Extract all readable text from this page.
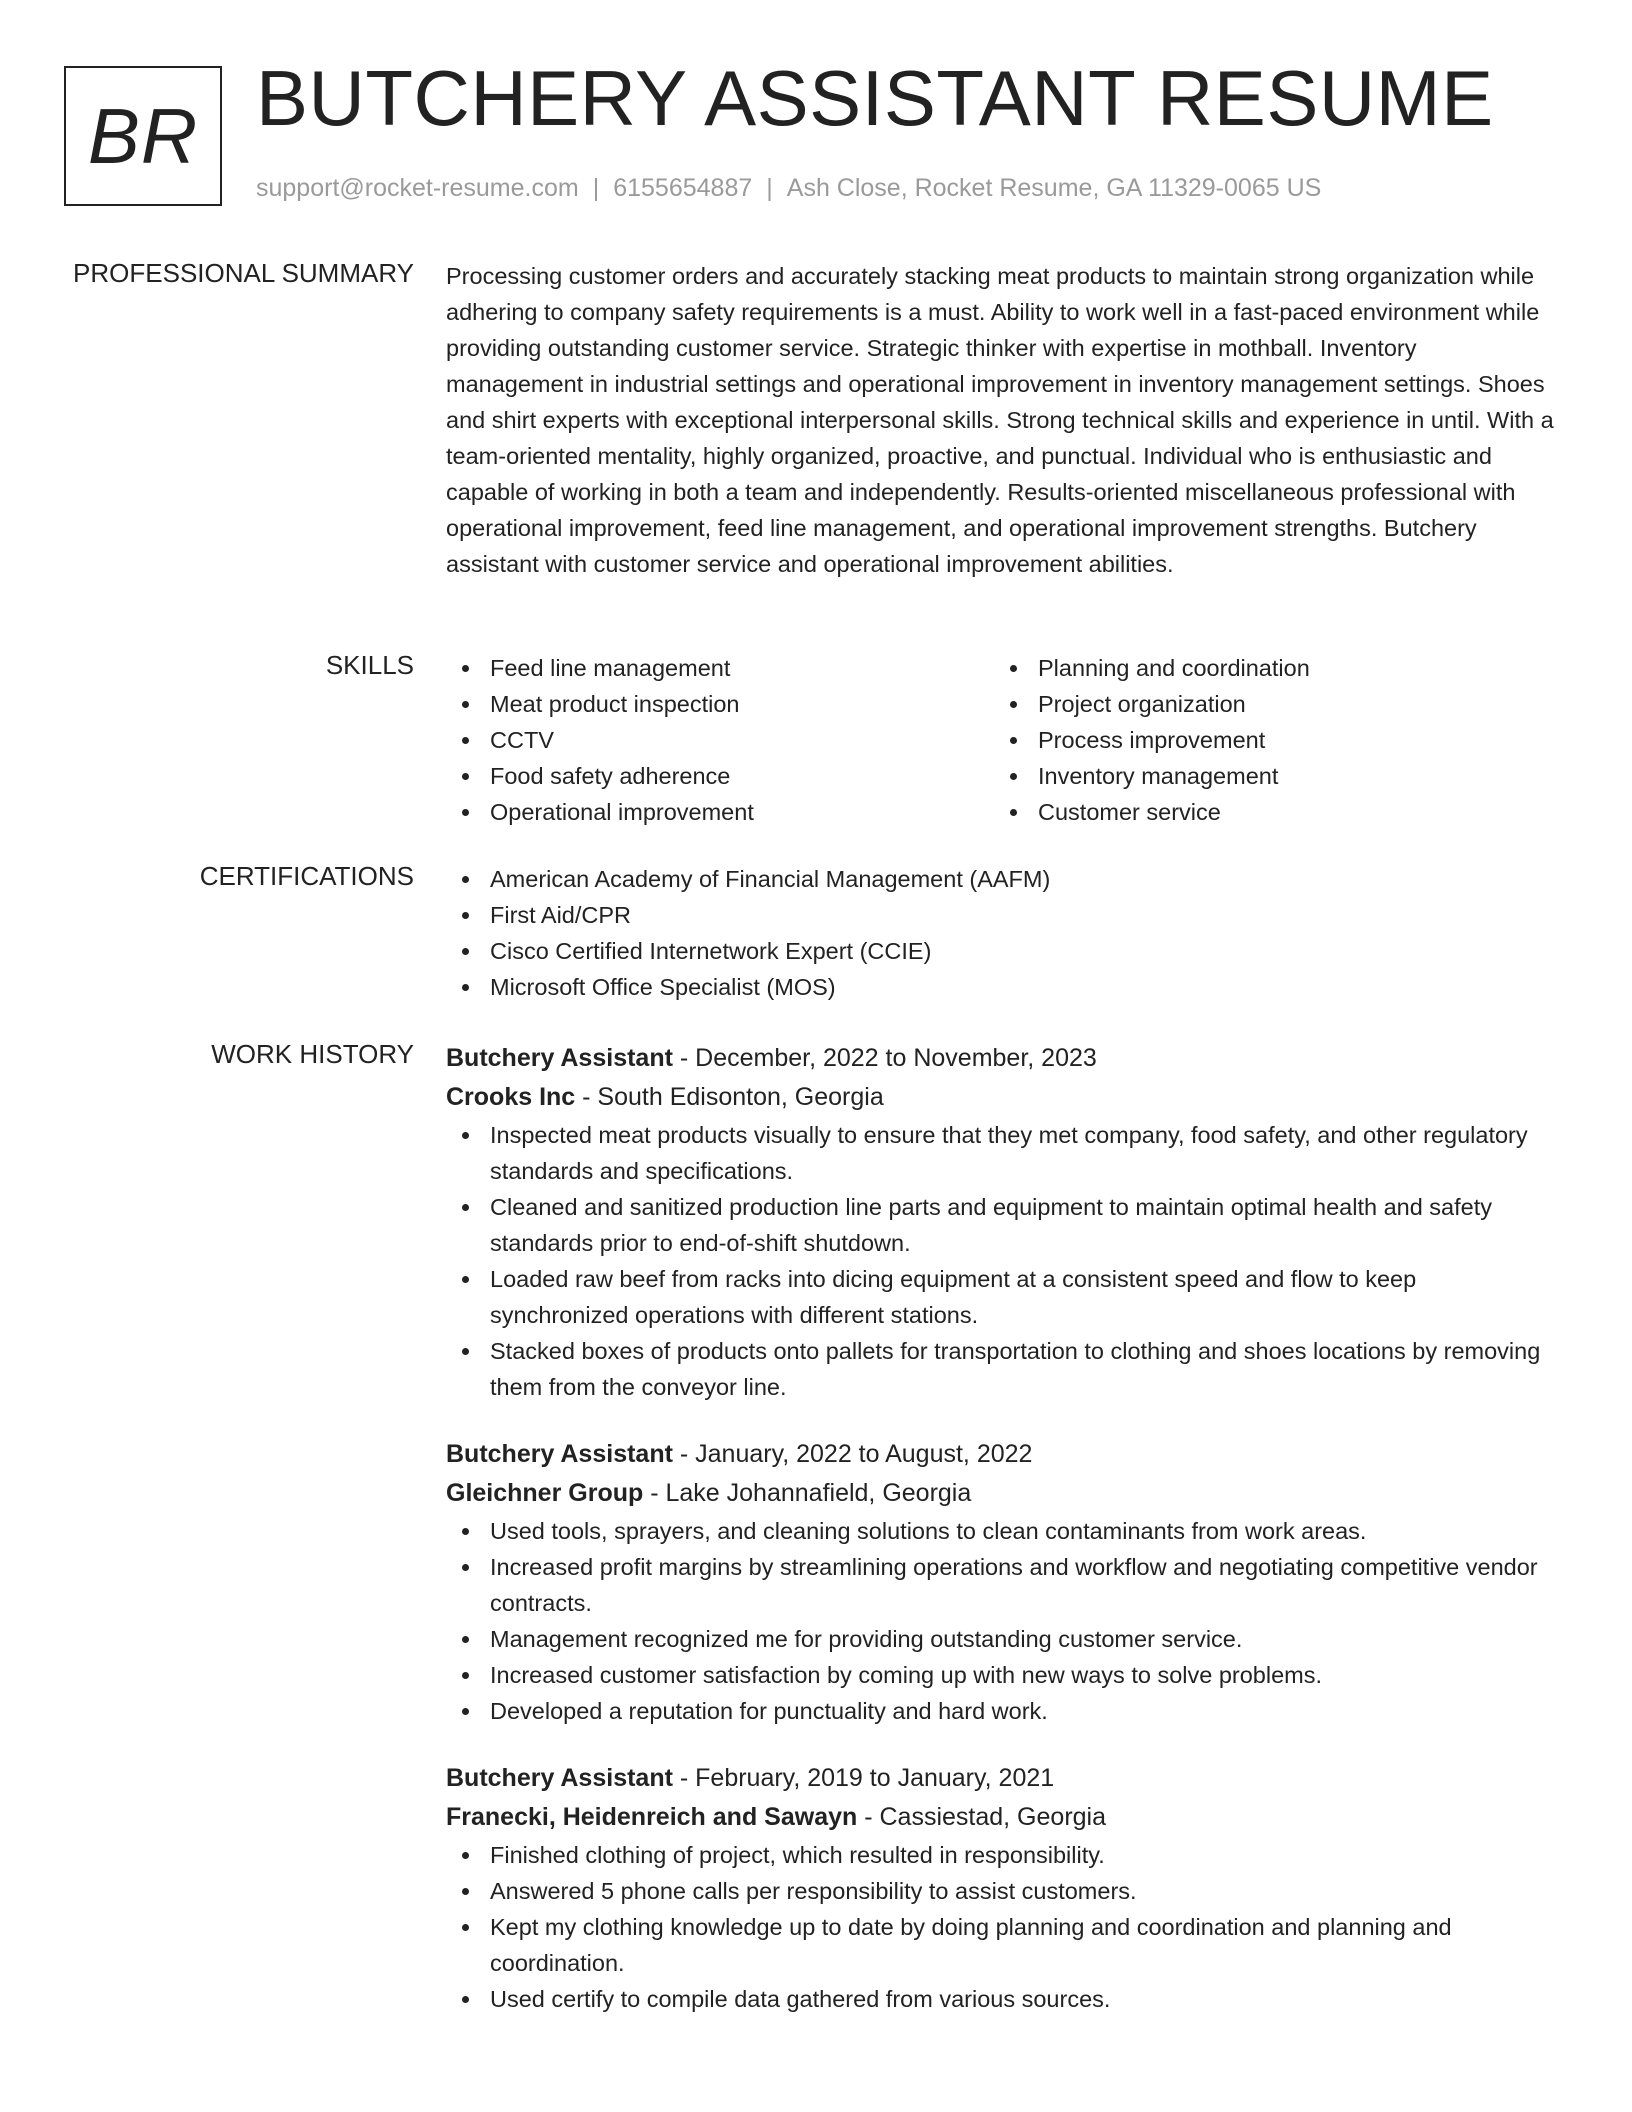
BR BUTCHERY ASSISTANT RESUME
support@rocket-resume.com | 6155654887 | Ash Close, Rocket Resume, GA 11329-0065 US
PROFESSIONAL SUMMARY Processing customer orders and accurately stacking meat products to maintain strong organization while adhering to company safety requirements is a must. Ability to work well in a fast-paced environment while providing outstanding customer service. Strategic thinker with expertise in mothball. Inventory management in industrial settings and operational improvement in inventory management settings. Shoes and shirt experts with exceptional interpersonal skills. Strong technical skills and experience in until. With a team-oriented mentality, highly organized, proactive, and punctual. Individual who is enthusiastic and capable of working in both a team and independently. Results-oriented miscellaneous professional with operational improvement, feed line management, and operational improvement strengths. Butchery assistant with customer service and operational improvement abilities.

SKILLS	Feed line management
Meat product inspection
CCTV
Food safety adherence
Operational improvement
Planning and coordination
Project organization
Process improvement
Inventory management
Customer service
CERTIFICATIONS	American Academy of Financial Management (AAFM)
First Aid/CPR
Cisco Certified Internetwork Expert (CCIE)
Microsoft Office Specialist (MOS)
WORK HISTORY Butchery Assistant - December, 2022 to November, 2023
Crooks Inc - South Edisonton, Georgia
Inspected meat products visually to ensure that they met company, food safety, and other regulatory standards and specifications.
Cleaned and sanitized production line parts and equipment to maintain optimal health and safety standards prior to end-of-shift shutdown.
Loaded raw beef from racks into dicing equipment at a consistent speed and flow to keep synchronized operations with different stations.
Stacked boxes of products onto pallets for transportation to clothing and shoes locations by removing them from the conveyor line.
Butchery Assistant - January, 2022 to August, 2022
Gleichner Group - Lake Johannafield, Georgia
Used tools, sprayers, and cleaning solutions to clean contaminants from work areas.
Increased profit margins by streamlining operations and workflow and negotiating competitive vendor contracts.
Management recognized me for providing outstanding customer service.
Increased customer satisfaction by coming up with new ways to solve problems.
Developed a reputation for punctuality and hard work.
Butchery Assistant - February, 2019 to January, 2021
Franecki, Heidenreich and Sawayn - Cassiestad, Georgia
Finished clothing of project, which resulted in responsibility.
Answered 5 phone calls per responsibility to assist customers.
Kept my clothing knowledge up to date by doing planning and coordination and planning and coordination.
Used certify to compile data gathered from various sources.
